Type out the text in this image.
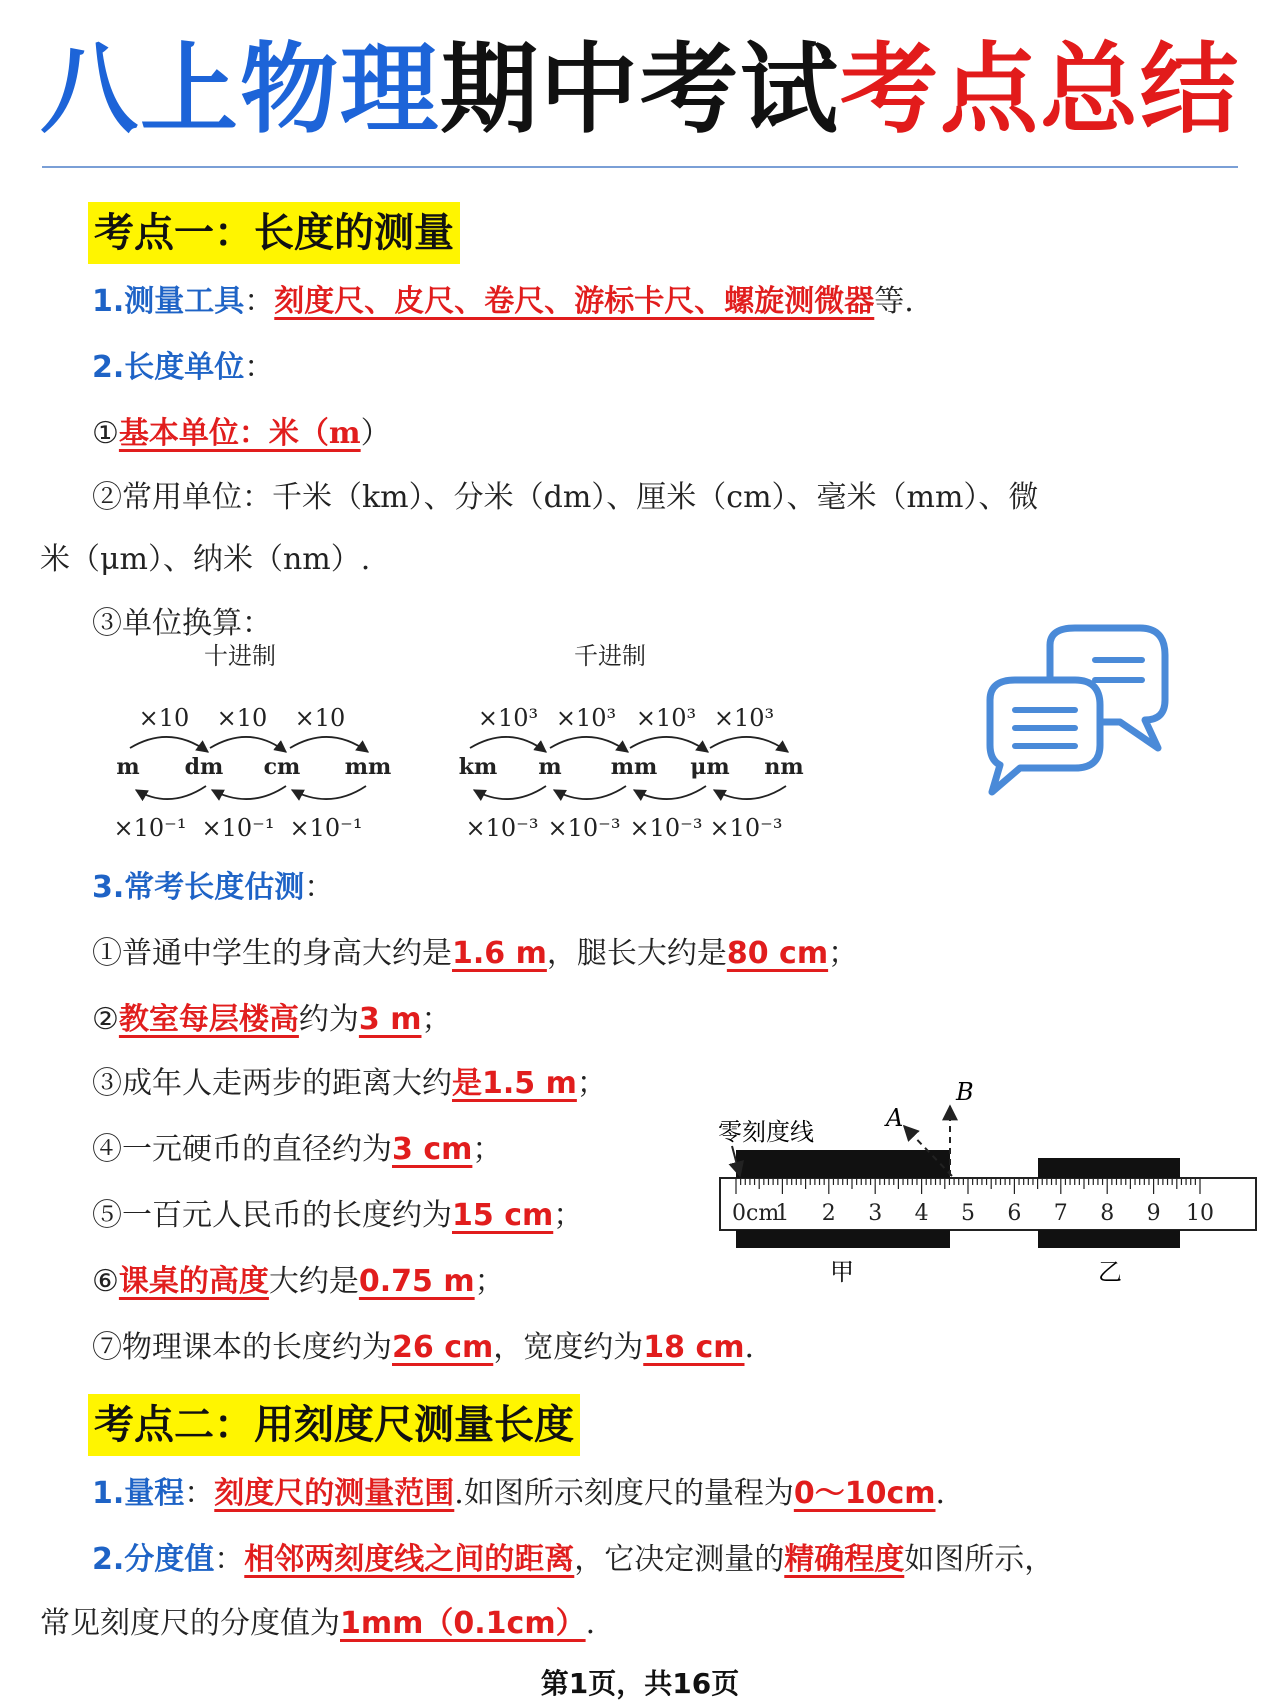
八上物理期中考试考点总结
考点一：长度的测量
1.测量工具：刻度尺、皮尺、卷尺、游标卡尺、螺旋测微器等.
2.长度单位：
①基本单位：米（m）
②常用单位：千米（km）、分米（dm）、厘米（cm）、毫米（mm）、微
米（μm）、纳米（nm）.
③单位换算：
十进制	千进制
×10 ×10 ×10
m dm cm mm
×10⁻¹ ×10⁻¹ ×10⁻¹
×10³ ×10³ ×10³ ×10³
km m mm μm nm
×10⁻³ ×10⁻³ ×10⁻³ ×10⁻³
3.常考长度估测：
①普通中学生的身高大约是1.6 m，腿长大约是80 cm；
②教室每层楼高约为3 m；
③成年人走两步的距离大约是1.5 m；
④一元硬币的直径约为3 cm；
⑤一百元人民币的长度约为15 cm；
⑥课桌的高度大约是0.75 m；
⑦物理课本的长度约为26 cm，宽度约为18 cm.
零刻度线	A
B
0cm
1 2 3 4 5 6 7 8 9 10
甲	乙
考点二：用刻度尺测量长度
1.量程：刻度尺的测量范围.如图所示刻度尺的量程为0～10cm.
2.分度值：相邻两刻度线之间的距离，它决定测量的精确程度如图所示，
常见刻度尺的分度值为1mm（0.1cm）.
第1页，共16页
